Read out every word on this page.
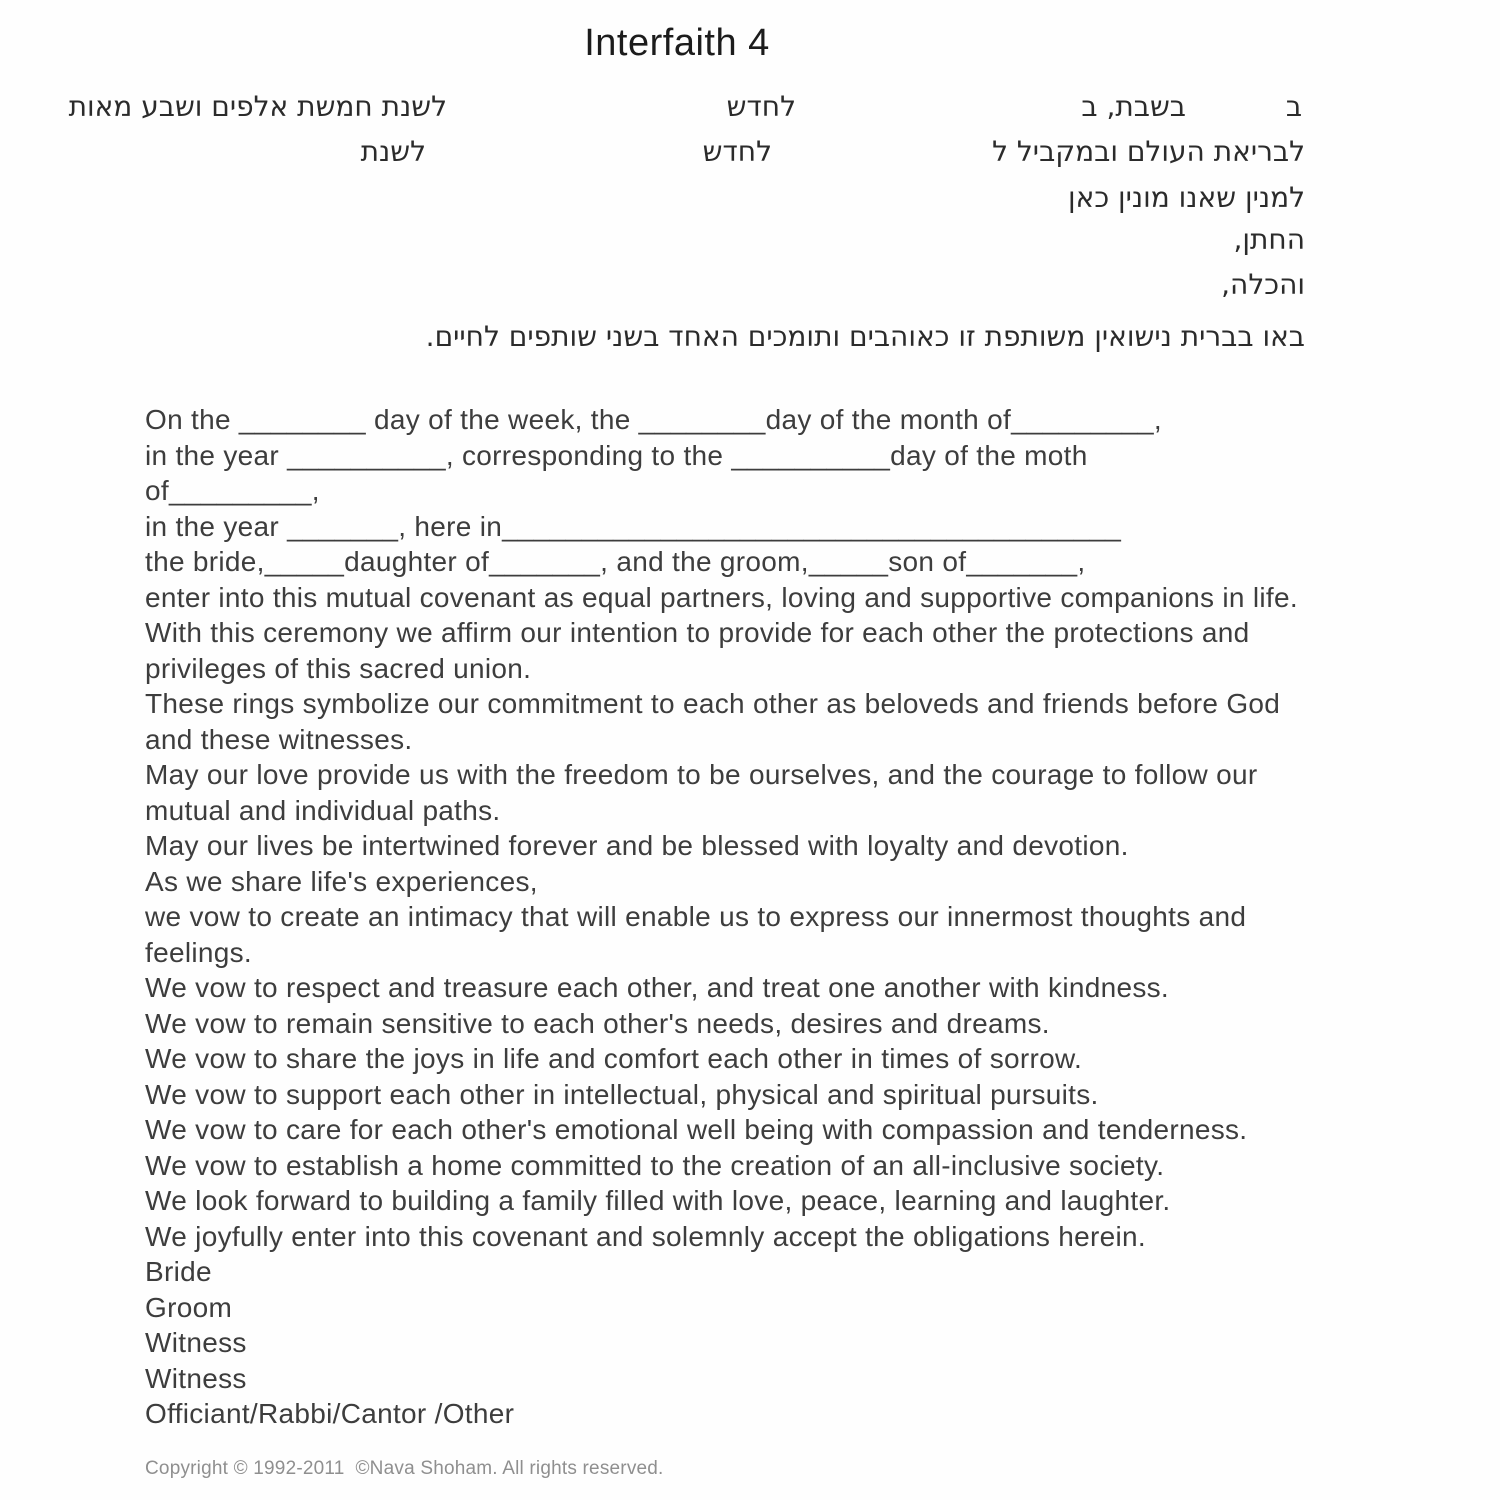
Interfaith 4
ב
בשבת, ב
לחדש
לשנת חמשת אלפים ושבע מאות
לבריאת העולם ובמקביל ל
לחדש
לשנת
למנין שאנו מונין כאן
החתן,
והכלה,
באו בברית נישואין משותפת זו כאוהבים ותומכים האחד בשני שותפים לחיים.
On the ________ day of the week, the ________day of the month of_________,
in the year __________, corresponding to the __________day of the moth
of_________,
in the year _______, here in_______________________________________
the bride,_____daughter of_______, and the groom,_____son of_______,
enter into this mutual covenant as equal partners, loving and supportive companions in life.
With this ceremony we affirm our intention to provide for each other the protections and
privileges of this sacred union.
These rings symbolize our commitment to each other as beloveds and friends before God
and these witnesses.
May our love provide us with the freedom to be ourselves, and the courage to follow our
mutual and individual paths.
May our lives be intertwined forever and be blessed with loyalty and devotion.
As we share life's experiences,
we vow to create an intimacy that will enable us to express our innermost thoughts and
feelings.
We vow to respect and treasure each other, and treat one another with kindness.
We vow to remain sensitive to each other's needs, desires and dreams.
We vow to share the joys in life and comfort each other in times of sorrow.
We vow to support each other in intellectual, physical and spiritual pursuits.
We vow to care for each other's emotional well being with compassion and tenderness.
We vow to establish a home committed to the creation of an all-inclusive society.
We look forward to building a family filled with love, peace, learning and laughter.
We joyfully enter into this covenant and solemnly accept the obligations herein.
Bride
Groom
Witness
Witness
Officiant/Rabbi/Cantor /Other
Copyright © 1992-2011  ©Nava Shoham. All rights reserved.
